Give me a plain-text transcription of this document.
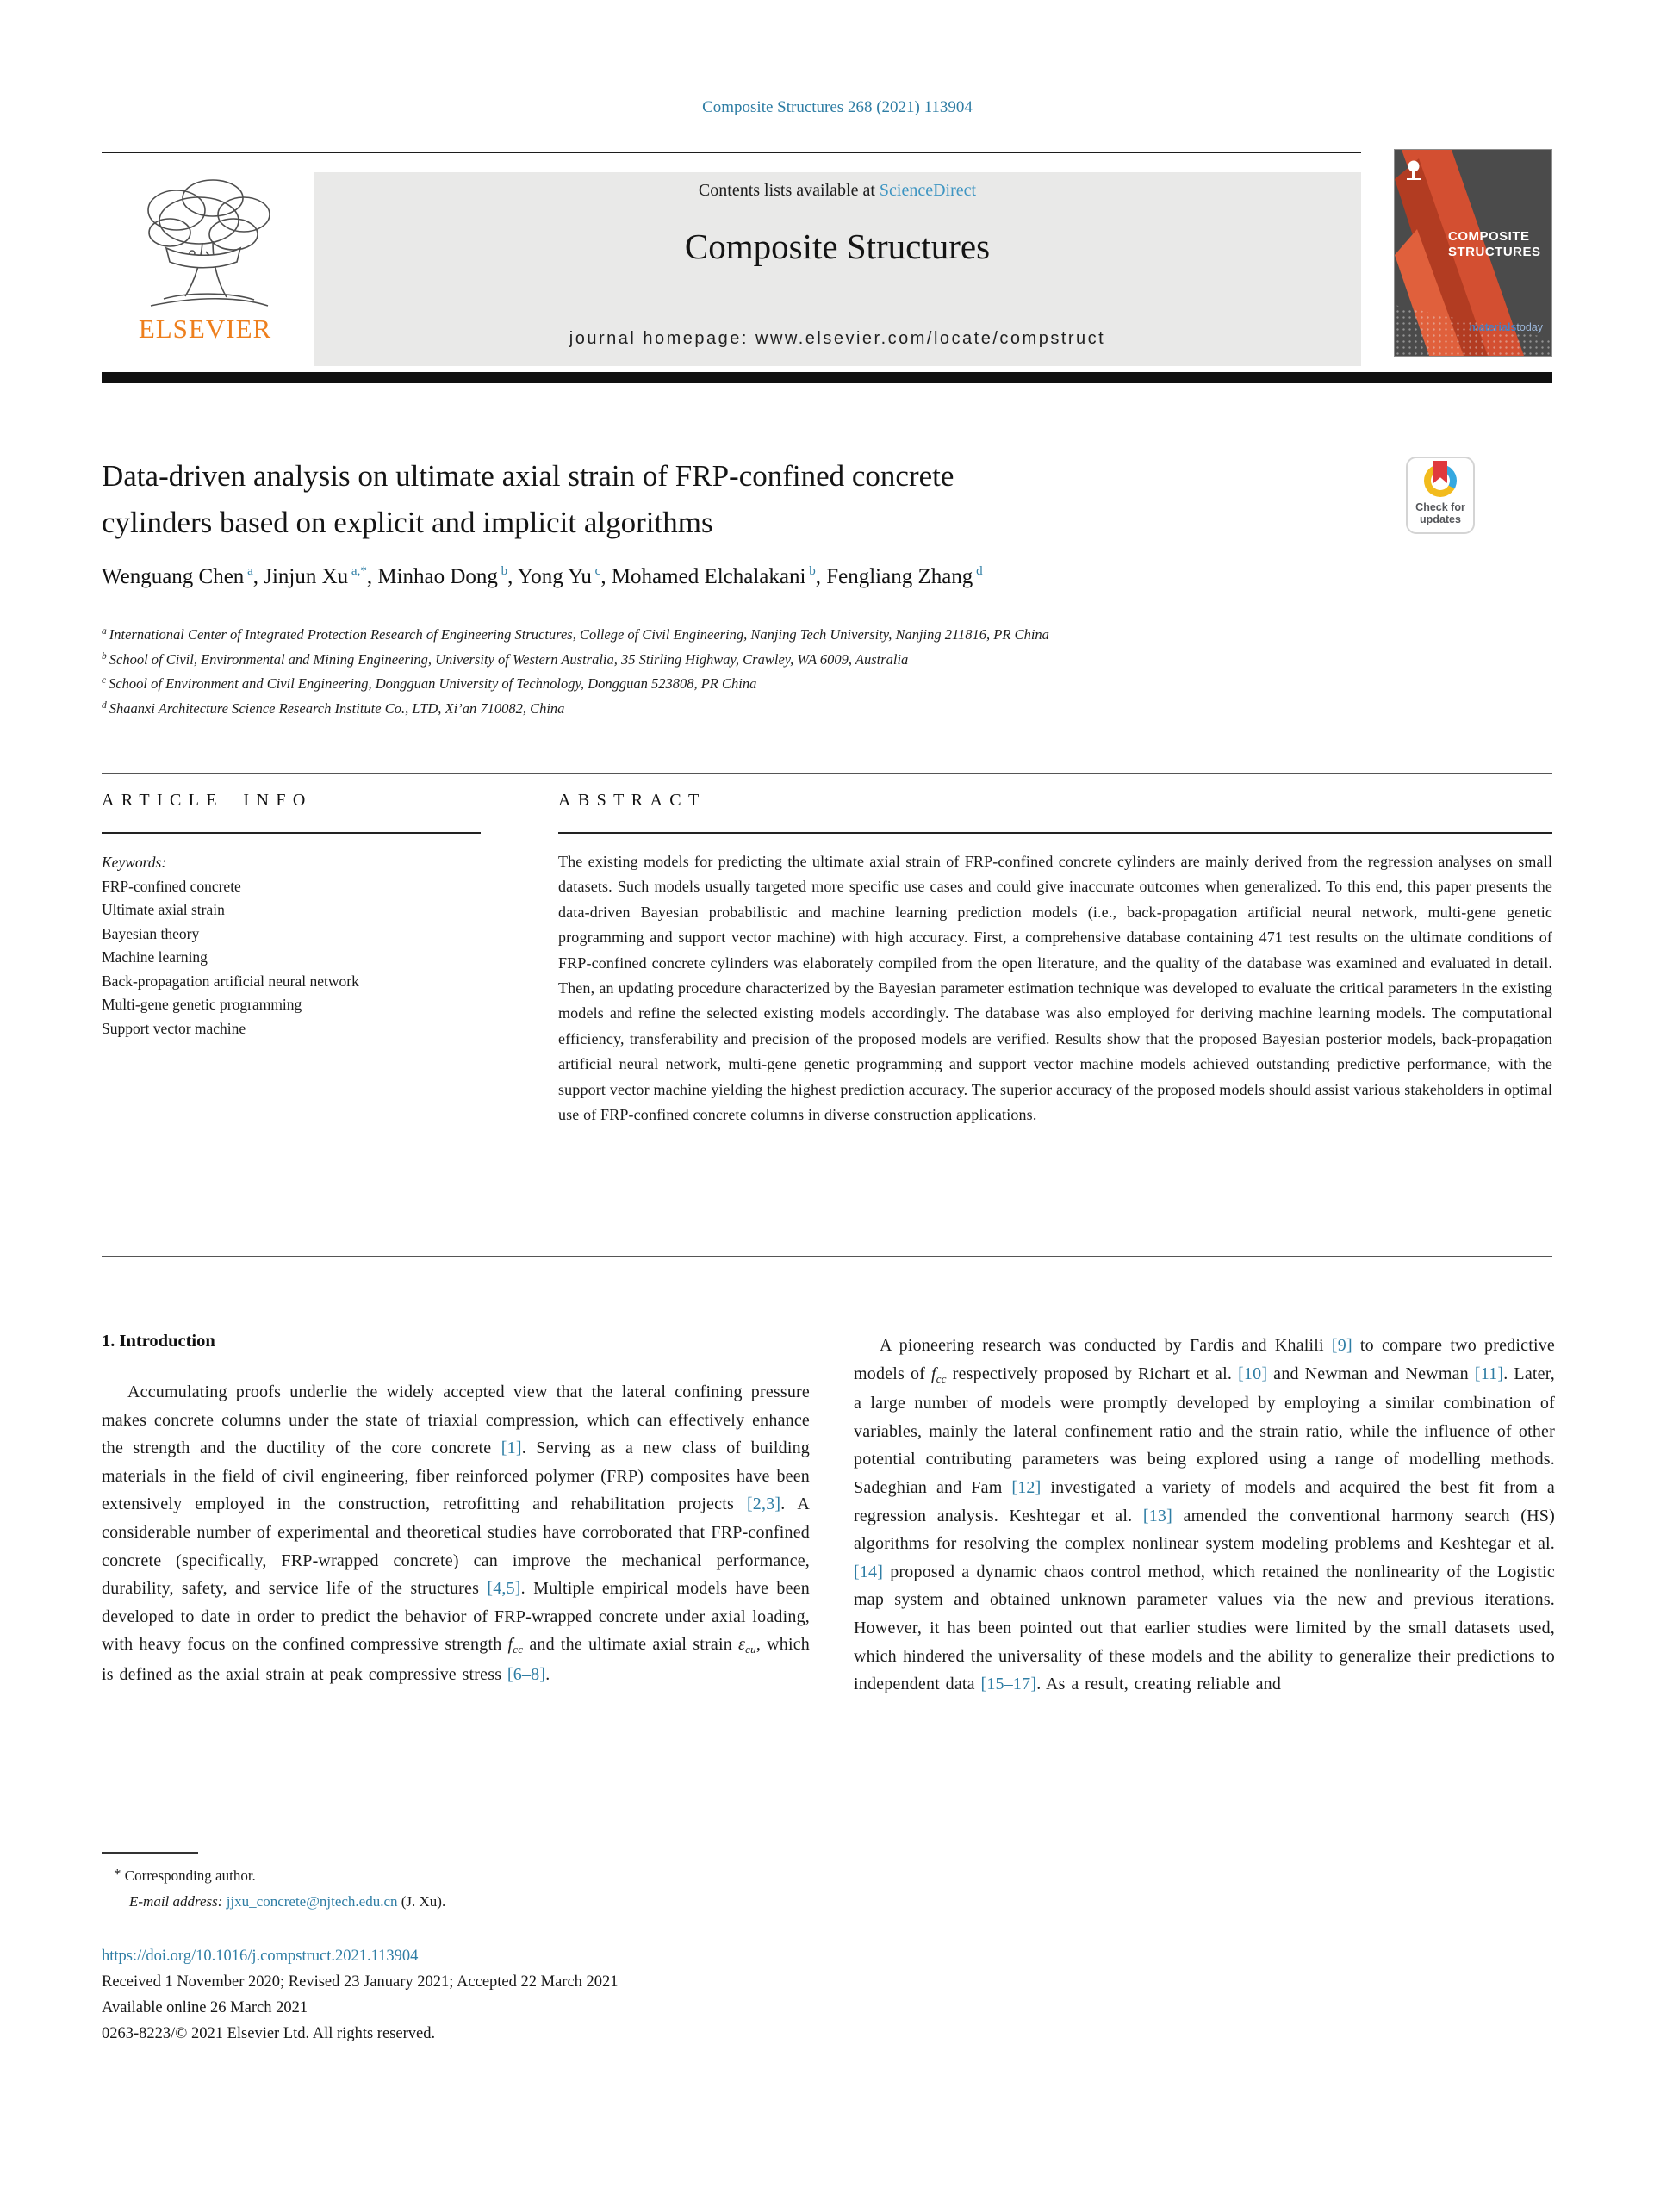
Composite Structures 268 (2021) 113904
ELSEVIER
Contents lists available at ScienceDirect
Composite Structures
journal homepage: www.elsevier.com/locate/compstruct
COMPOSITE
STRUCTURES
materialstoday
Data-driven analysis on ultimate axial strain of FRP-confined concrete
cylinders based on explicit and implicit algorithms	Check for
updates
Wenguang Chen $^a$, Jinjun Xu $^{a,*}$, Minhao Dong $^b$, Yong Yu $^c$, Mohamed Elchalakani $^b$, Fengliang Zhang $^d$
$^a$ International Center of Integrated Protection Research of Engineering Structures, College of Civil Engineering, Nanjing Tech University, Nanjing 211816, PR China
$^b$ School of Civil, Environmental and Mining Engineering, University of Western Australia, 35 Stirling Highway, Crawley, WA 6009, Australia
$^c$ School of Environment and Civil Engineering, Dongguan University of Technology, Dongguan 523808, PR China
$^d$ Shaanxi Architecture Science Research Institute Co., LTD, Xi’an 710082, China
ARTICLE INFO	ABSTRACT
Keywords:
FRP-confined concrete
Ultimate axial strain
Bayesian theory
Machine learning
Back-propagation artificial neural network
Multi-gene genetic programming
Support vector machine
The existing models for predicting the ultimate axial strain of FRP-confined concrete cylinders are mainly derived from the regression analyses on small datasets. Such models usually targeted more specific use cases and could give inaccurate outcomes when generalized. To this end, this paper presents the data-driven Bayesian probabilistic and machine learning prediction models (i.e., back-propagation artificial neural network, multi-gene genetic programming and support vector machine) with high accuracy. First, a comprehensive database containing 471 test results on the ultimate conditions of FRP-confined concrete cylinders was elaborately compiled from the open literature, and the quality of the database was examined and evaluated in detail. Then, an updating procedure characterized by the Bayesian parameter estimation technique was developed to evaluate the critical parameters in the existing models and refine the selected existing models accordingly. The database was also employed for deriving machine learning models. The computational efficiency, transferability and precision of the proposed models are verified. Results show that the proposed Bayesian posterior models, back-propagation artificial neural network, multi-gene genetic programming and support vector machine models achieved outstanding predictive performance, with the support vector machine yielding the highest prediction accuracy. The superior accuracy of the proposed models should assist various stakeholders in optimal use of FRP-confined concrete columns in diverse construction applications.
1. Introduction
Accumulating proofs underlie the widely accepted view that the lateral confining pressure makes concrete columns under the state of triaxial compression, which can effectively enhance the strength and the ductility of the core concrete [1]. Serving as a new class of building materials in the field of civil engineering, fiber reinforced polymer (FRP) composites have been extensively employed in the construction, retrofitting and rehabilitation projects [2,3]. A considerable number of experimental and theoretical studies have corroborated that FRP-confined concrete (specifically, FRP-wrapped concrete) can improve the mechanical performance, durability, safety, and service life of the structures [4,5]. Multiple empirical models have been developed to date in order to predict the behavior of FRP-wrapped concrete under axial loading, with heavy focus on the confined compressive strength $f_{cc}$ and the ultimate axial strain $\varepsilon_{cu}$, which is defined as the axial strain at peak compressive stress [6–8].
A pioneering research was conducted by Fardis and Khalili [9] to compare two predictive models of $f_{cc}$ respectively proposed by Richart et al. [10] and Newman and Newman [11]. Later, a large number of models were promptly developed by employing a similar combination of variables, mainly the lateral confinement ratio and the strain ratio, while the influence of other potential contributing parameters was being explored using a range of modelling methods. Sadeghian and Fam [12] investigated a variety of models and acquired the best fit from a regression analysis. Keshtegar et al. [13] amended the conventional harmony search (HS) algorithms for resolving the complex nonlinear system modeling problems and Keshtegar et al. [14] proposed a dynamic chaos control method, which retained the nonlinearity of the Logistic map system and obtained unknown parameter values via the new and previous iterations. However, it has been pointed out that earlier studies were limited by the small datasets used, which hindered the universality of these models and the ability to generalize their predictions to independent data [15–17]. As a result, creating reliable and
* Corresponding author.
E-mail address: jjxu_concrete@njtech.edu.cn (J. Xu).
https://doi.org/10.1016/j.compstruct.2021.113904
Received 1 November 2020; Revised 23 January 2021; Accepted 22 March 2021
Available online 26 March 2021
0263-8223/© 2021 Elsevier Ltd. All rights reserved.
